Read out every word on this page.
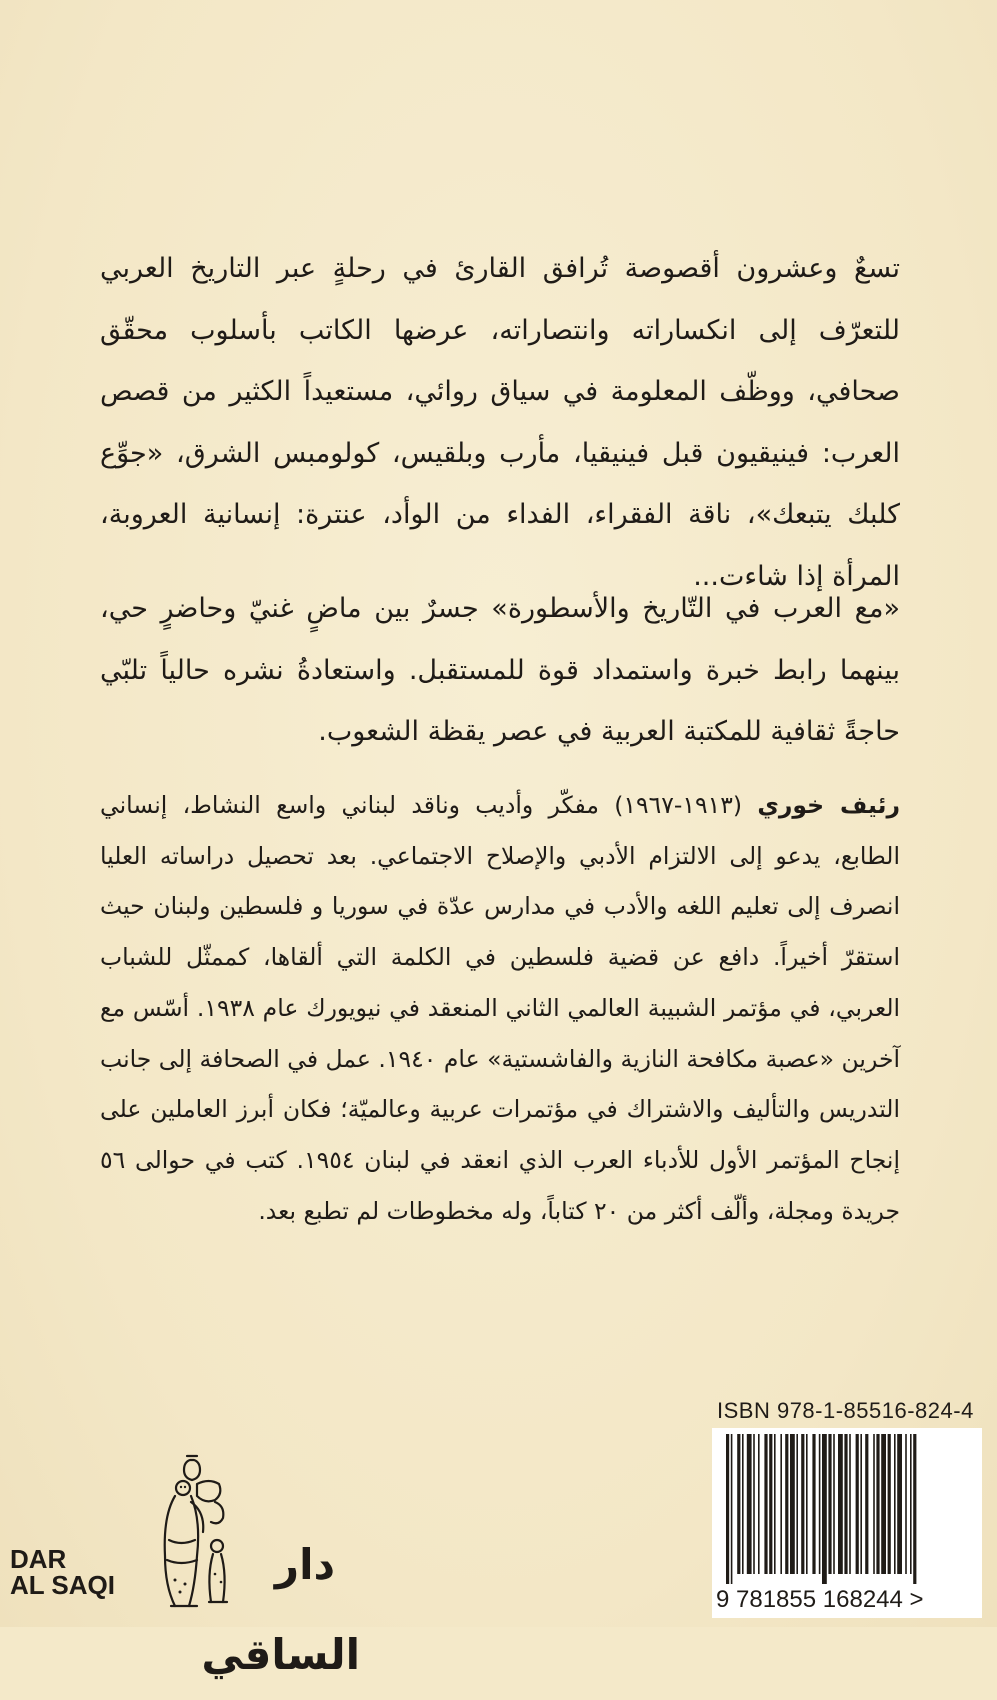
تسعٌ وعشرون أقصوصة تُرافق القارئ في رحلةٍ عبر التاريخ العربي للتعرّف إلى انكساراته وانتصاراته، عرضها الكاتب بأسلوب محقّق صحافي، ووظّف المعلومة في سياق روائي، مستعيداً الكثير من قصص العرب: فينيقيون قبل فينيقيا، مأرب وبلقيس، كولومبس الشرق، «جوِّع كلبك يتبعك»، ناقة الفقراء، الفداء من الوأد، عنترة: إنسانية العروبة، المرأة إذا شاءت...

«مع العرب في التّاريخ والأسطورة» جسرٌ بين ماضٍ غنيّ وحاضرٍ حي، بينهما رابط خبرة واستمداد قوة للمستقبل. واستعادةُ نشره حالياً تلبّي حاجةً ثقافية للمكتبة العربية في عصر يقظة الشعوب.

رئيف خوري (١٩١٣-١٩٦٧) مفكّر وأديب وناقد لبناني واسع النشاط، إنساني الطابع، يدعو إلى الالتزام الأدبي والإصلاح الاجتماعي. بعد تحصيل دراساته العليا انصرف إلى تعليم اللغه والأدب في مدارس عدّة في سوريا و فلسطين ولبنان حيث استقرّ أخيراً. دافع عن قضية فلسطين في الكلمة التي ألقاها، كممثّل للشباب العربي، في مؤتمر الشبيبة العالمي الثاني المنعقد في نيويورك عام ١٩٣٨. أسّس مع آخرين «عصبة مكافحة النازية والفاشستية» عام ١٩٤٠. عمل في الصحافة إلى جانب التدريس والتأليف والاشتراك في مؤتمرات عربية وعالميّة؛ فكان أبرز العاملين على إنجاح المؤتمر الأول للأدباء العرب الذي انعقد في لبنان ١٩٥٤. كتب في حوالى ٥٦ جريدة ومجلة، وألّف أكثر من ٢٠ كتاباً، وله مخطوطات لم تطبع بعد.

DAR
AL SAQI	دار الساقي
ISBN 978-1-85516-824-4
9 781855 168244 >
